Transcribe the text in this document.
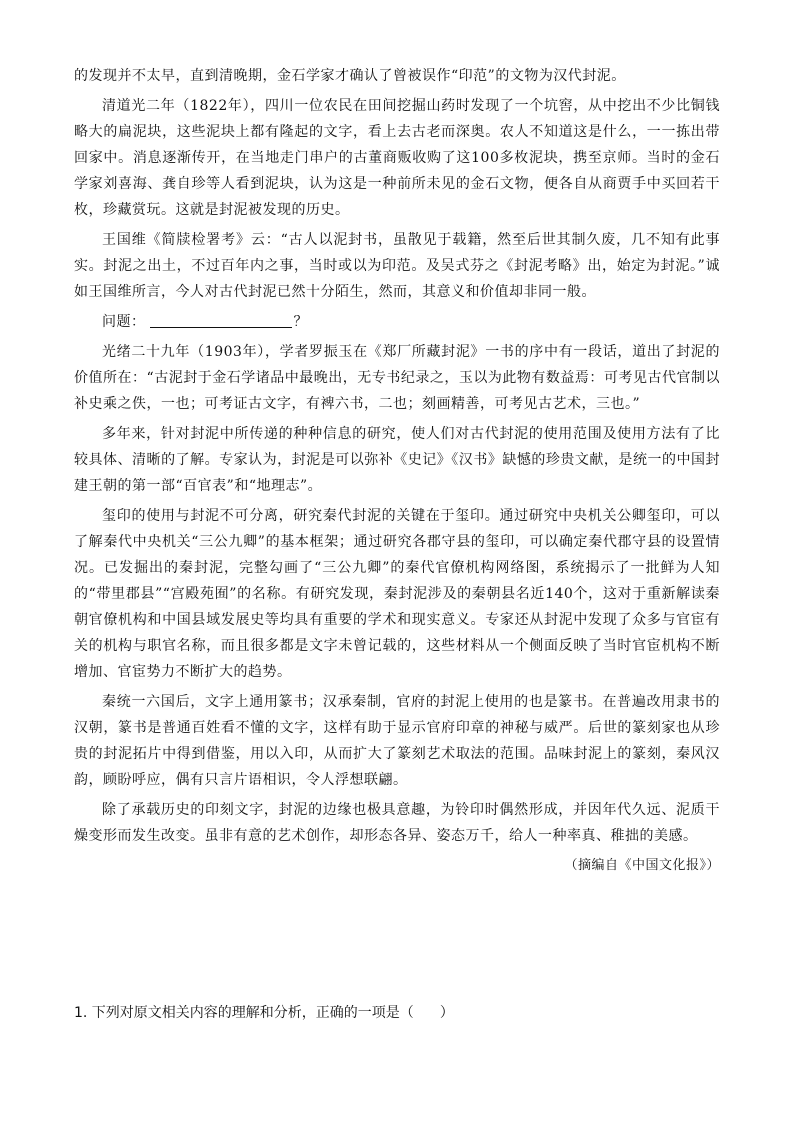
的发现并不太早，直到清晚期，金石学家才确认了曾被误作“印范”的文物为汉代封泥。

清道光二年（1822年），四川一位农民在田间挖掘山药时发现了一个坑窖，从中挖出不少比铜钱略大的扁泥块，这些泥块上都有隆起的文字，看上去古老而深奥。农人不知道这是什么，一一拣出带回家中。消息逐渐传开，在当地走门串户的古董商贩收购了这100多枚泥块，携至京师。当时的金石学家刘喜海、龚自珍等人看到泥块，认为这是一种前所未见的金石文物，便各自从商贾手中买回若干枚，珍藏赏玩。这就是封泥被发现的历史。

王国维《简牍检署考》云：“古人以泥封书，虽散见于载籍，然至后世其制久废，几不知有此事实。封泥之出土，不过百年内之事，当时或以为印范。及吴式芬之《封泥考略》出，始定为封泥。”诚如王国维所言，今人对古代封泥已然十分陌生，然而，其意义和价值却非同一般。

问题：	？

光绪二十九年（1903年），学者罗振玉在《郑厂所藏封泥》一书的序中有一段话，道出了封泥的价值所在：“古泥封于金石学诸品中最晚出，无专书纪录之，玉以为此物有数益焉：可考见古代官制以补史乘之佚，一也；可考证古文字，有裨六书，二也；刻画精善，可考见古艺术，三也。”

多年来，针对封泥中所传递的种种信息的研究，使人们对古代封泥的使用范围及使用方法有了比较具体、清晰的了解。专家认为，封泥是可以弥补《史记》《汉书》缺憾的珍贵文献，是统一的中国封建王朝的第一部“百官表”和“地理志”。

玺印的使用与封泥不可分离，研究秦代封泥的关键在于玺印。通过研究中央机关公卿玺印，可以了解秦代中央机关“三公九卿”的基本框架；通过研究各郡守县的玺印，可以确定秦代郡守县的设置情况。已发掘出的秦封泥，完整勾画了“三公九卿”的秦代官僚机构网络图，系统揭示了一批鲜为人知的“带里郡县”“宫殿苑囿”的名称。有研究发现，秦封泥涉及的秦朝县名近140个，这对于重新解读秦朝官僚机构和中国县域发展史等均具有重要的学术和现实意义。专家还从封泥中发现了众多与官宦有关的机构与职官名称，而且很多都是文字未曾记载的，这些材料从一个侧面反映了当时官宦机构不断增加、官宦势力不断扩大的趋势。

秦统一六国后，文字上通用篆书；汉承秦制，官府的封泥上使用的也是篆书。在普遍改用隶书的汉朝，篆书是普通百姓看不懂的文字，这样有助于显示官府印章的神秘与威严。后世的篆刻家也从珍贵的封泥拓片中得到借鉴，用以入印，从而扩大了篆刻艺术取法的范围。品味封泥上的篆刻，秦风汉韵，顾盼呼应，偶有只言片语相识，令人浮想联翩。

除了承载历史的印刻文字，封泥的边缘也极具意趣，为铃印时偶然形成，并因年代久远、泥质干燥变形而发生改变。虽非有意的艺术创作，却形态各异、姿态万千，给人一种率真、稚拙的美感。

（摘编自《中国文化报》）

1. 下列对原文相关内容的理解和分析，正确的一项是（ ）
